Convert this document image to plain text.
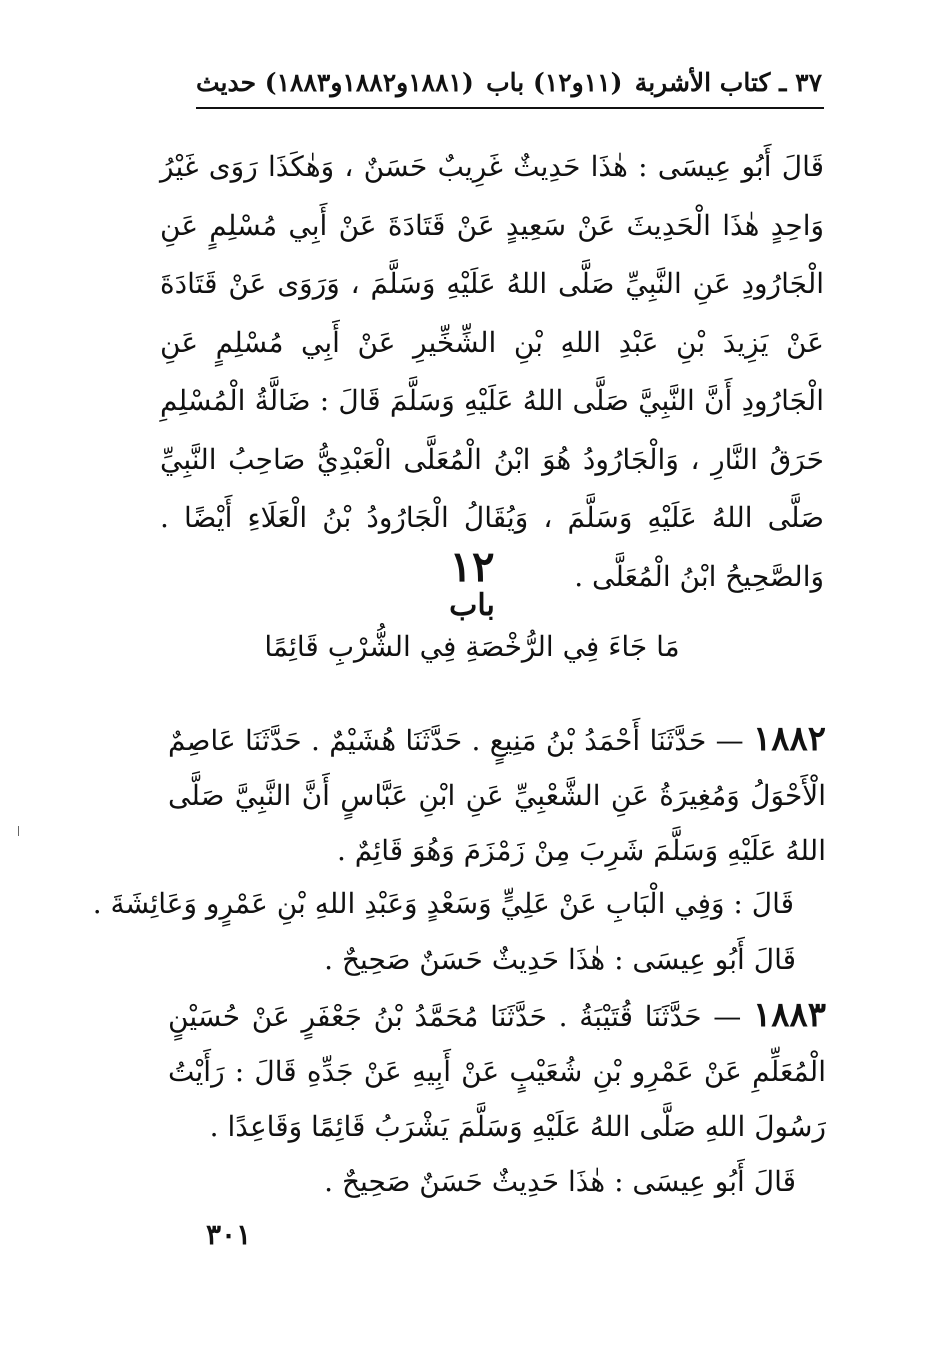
٣٧ ـ كتاب الأشربة
(١١و١٢) باب
(١٨٨١و١٨٨٢و١٨٨٣) حديث

قَالَ أَبُو عِيسَى : هٰذَا حَدِيثٌ غَرِيبٌ حَسَنٌ ، وَهٰكَذَا رَوَى غَيْرُ وَاحِدٍ هٰذَا الْحَدِيثَ عَنْ سَعِيدٍ عَنْ قَتَادَةَ عَنْ أَبِي مُسْلِمٍ عَنِ الْجَارُودِ عَنِ النَّبِيِّ صَلَّى اللهُ عَلَيْهِ وَسَلَّمَ ، وَرَوَى عَنْ قَتَادَةَ عَنْ يَزِيدَ بْنِ عَبْدِ اللهِ بْنِ الشِّخِّيرِ عَنْ أَبِي مُسْلِمٍ عَنِ الْجَارُودِ أَنَّ النَّبِيَّ صَلَّى اللهُ عَلَيْهِ وَسَلَّمَ قَالَ : ضَالَّةُ الْمُسْلِمِ حَرَقُ النَّارِ ، وَالْجَارُودُ هُوَ ابْنُ الْمُعَلَّى الْعَبْدِيُّ صَاحِبُ النَّبِيِّ صَلَّى اللهُ عَلَيْهِ وَسَلَّمَ ، وَيُقَالُ الْجَارُودُ بْنُ الْعَلَاءِ أَيْضًا . وَالصَّحِيحُ ابْنُ الْمُعَلَّى .

١٢
باب
مَا جَاءَ فِي الرُّخْصَةِ فِي الشُّرْبِ قَائِمًا

١٨٨٢ — حَدَّثَنَا أَحْمَدُ بْنُ مَنِيعٍ . حَدَّثَنَا هُشَيْمٌ . حَدَّثَنَا عَاصِمٌ الْأَحْوَلُ وَمُغِيرَةُ عَنِ الشَّعْبِيِّ عَنِ ابْنِ عَبَّاسٍ أَنَّ النَّبِيَّ صَلَّى اللهُ عَلَيْهِ وَسَلَّمَ شَرِبَ مِنْ زَمْزَمَ وَهُوَ قَائِمٌ .

قَالَ : وَفِي الْبَابِ عَنْ عَلِيٍّ وَسَعْدٍ وَعَبْدِ اللهِ بْنِ عَمْرٍو وَعَائِشَةَ .

قَالَ أَبُو عِيسَى : هٰذَا حَدِيثٌ حَسَنٌ صَحِيحٌ .

١٨٨٣ — حَدَّثَنَا قُتَيْبَةُ . حَدَّثَنَا مُحَمَّدُ بْنُ جَعْفَرٍ عَنْ حُسَيْنٍ الْمُعَلِّمِ عَنْ عَمْرِو بْنِ شُعَيْبٍ عَنْ أَبِيهِ عَنْ جَدِّهِ قَالَ : رَأَيْتُ رَسُولَ اللهِ صَلَّى اللهُ عَلَيْهِ وَسَلَّمَ يَشْرَبُ قَائِمًا وَقَاعِدًا .

قَالَ أَبُو عِيسَى : هٰذَا حَدِيثٌ حَسَنٌ صَحِيحٌ .

٣٠١
